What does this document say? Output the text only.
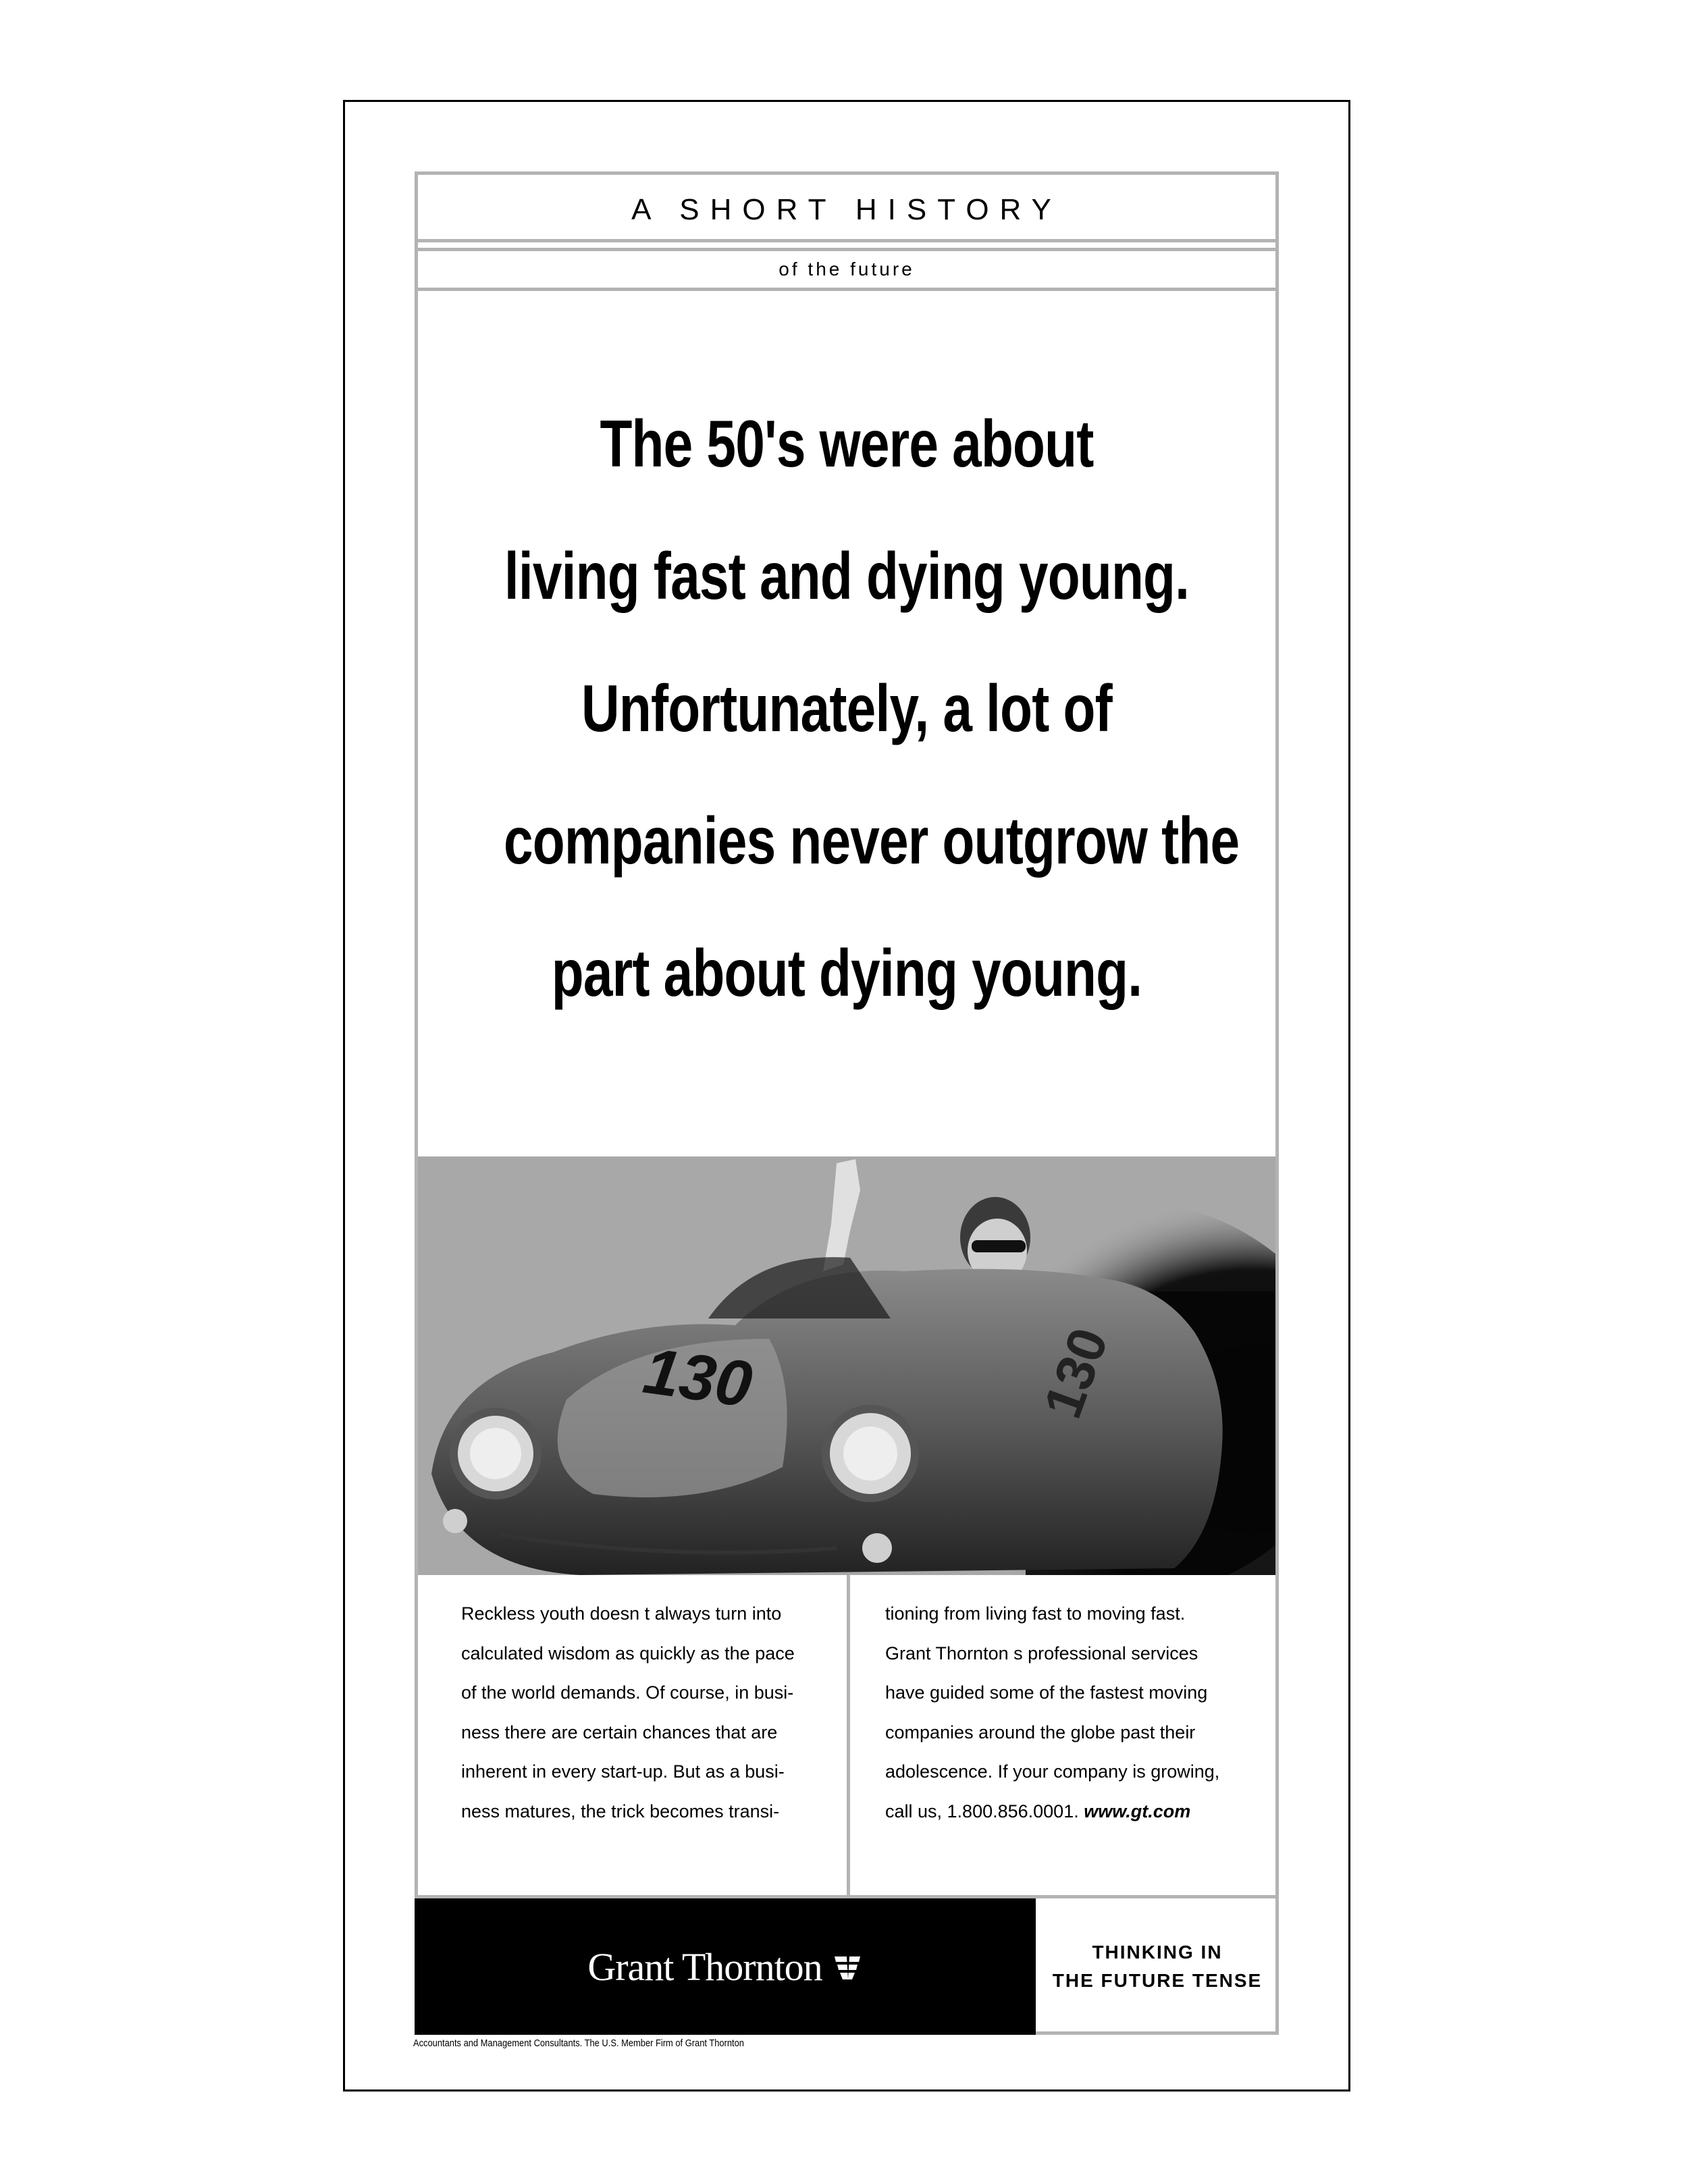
A SHORT HISTORY
of the future
The 50's were about
living fast and dying young.
Unfortunately, a lot of
companies never outgrow the
part about dying young.
130	130
Reckless youth doesn t always turn into
calculated wisdom as quickly as the pace
of the world demands. Of course, in busi-
ness there are certain chances that are
inherent in every start-up. But as a busi-
ness matures, the trick becomes transi-
tioning from living fast to moving fast.
Grant Thornton s professional services
have guided some of the fastest moving
companies around the globe past their
adolescence. If your company is growing,
call us, 1.800.856.0001. www.gt.com
Grant Thornton	THINKING IN
THE FUTURE TENSE
Accountants and Management Consultants. The U.S. Member Firm of Grant Thornton
